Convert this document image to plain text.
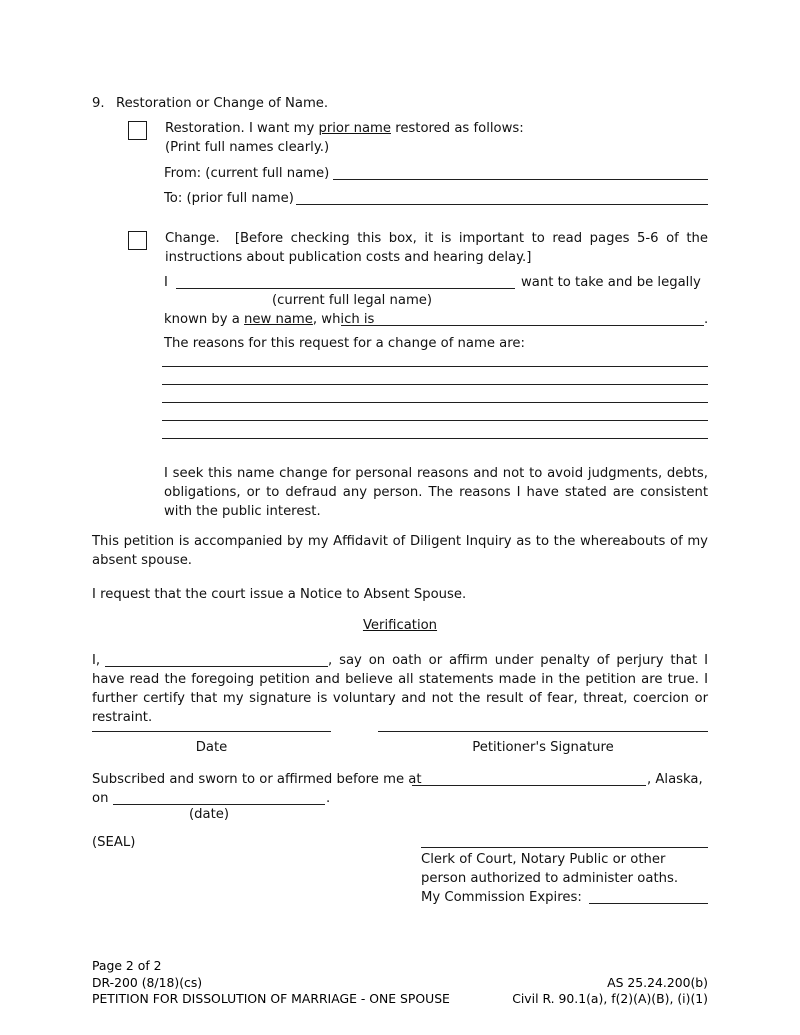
9. Restoration or Change of Name.
Restoration. I want my prior name restored as follows:
(Print full names clearly.)
From: (current full name)
To: (prior full name)
Change. [Before checking this box, it is important to read pages 5-6 of the instructions about publication costs and hearing delay.]
I	want to take and be legally
(current full legal name)
known by a new name, which is	.
The reasons for this request for a change of name are:
I seek this name change for personal reasons and not to avoid judgments, debts, obligations, or to defraud any person. The reasons I have stated are consistent with the public interest.
This petition is accompanied by my Affidavit of Diligent Inquiry as to the whereabouts of my absent spouse.
I request that the court issue a Notice to Absent Spouse.
Verification
I,	, say on oath or affirm under penalty of perjury that I have read the foregoing petition and believe all statements made in the petition are true. I further certify that my signature is voluntary and not the result of fear, threat, coercion or restraint.
Date	Petitioner's Signature
Subscribed and sworn to or affirmed before me at	, Alaska,
on	.
(date)
(SEAL)
Clerk of Court, Notary Public or other
person authorized to administer oaths.
My Commission Expires:
Page 2 of 2
DR-200 (8/18)(cs)	AS 25.24.200(b)
PETITION FOR DISSOLUTION OF MARRIAGE - ONE SPOUSE	Civil R. 90.1(a), f(2)(A)(B), (i)(1)
